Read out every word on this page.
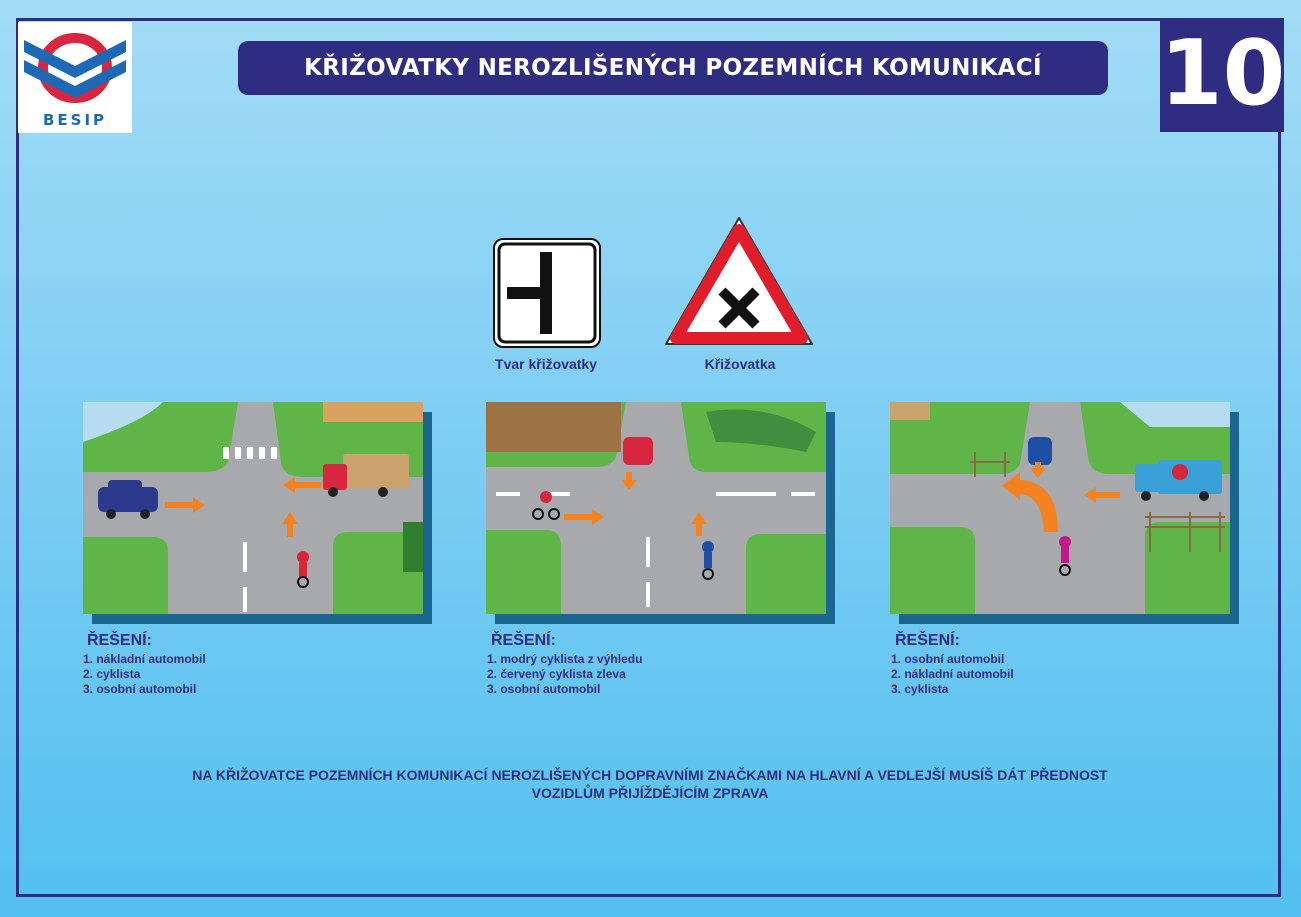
BESIP
KŘIŽOVATKY NEROZLIŠENÝCH POZEMNÍCH KOMUNIKACÍ	10
Tvar křižovatky	Křižovatka
ŘEŠENÍ:
1. nákladní automobil
2. cyklista
3. osobní automobil
ŘEŠENÍ:
1. modrý cyklista z výhledu
2. červený cyklista zleva
3. osobní automobil
ŘEŠENÍ:
1. osobní automobil
2. nákladní automobil
3. cyklista
NA KŘIŽOVATCE POZEMNÍCH KOMUNIKACÍ NEROZLIŠENÝCH DOPRAVNÍMI ZNAČKAMI NA HLAVNÍ A VEDLEJŠÍ MUSÍŠ DÁT PŘEDNOST
VOZIDLŮM PŘIJÍŽDĚJÍCÍM ZPRAVA
